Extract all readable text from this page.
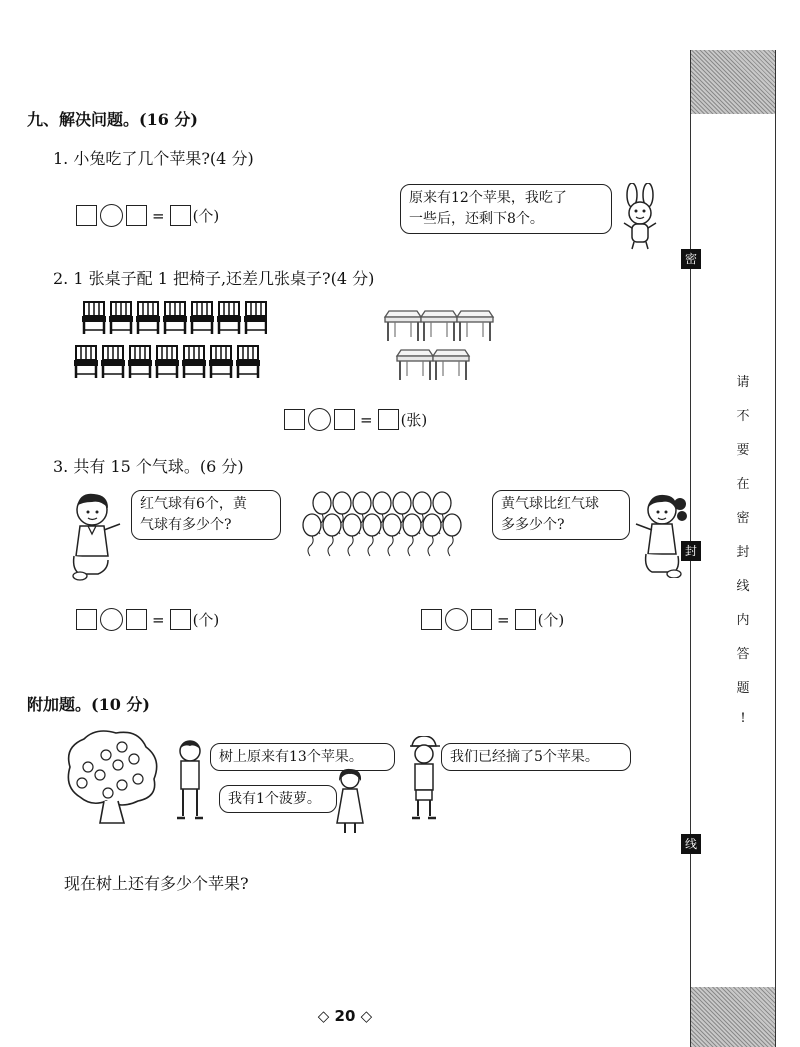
九、解决问题。(16 分)
1. 小兔吃了几个苹果?(4 分)
= (个)
原来有12个苹果，我吃了
一些后，还剩下8个。
2. 1 张桌子配 1 把椅子,还差几张桌子?(4 分)
= (张)
3. 共有 15 个气球。(6 分)
红气球有6个，黄
气球有多少个?
黄气球比红气球
多多少个?
= (个)	= (个)
附加题。(10 分)
树上原来有13个苹果。
我有1个菠萝。
我们已经摘了5个苹果。
现在树上还有多少个苹果?
◇ 20 ◇
密
封
线
请
不
要
在
密
封
线
内
答
题
!
